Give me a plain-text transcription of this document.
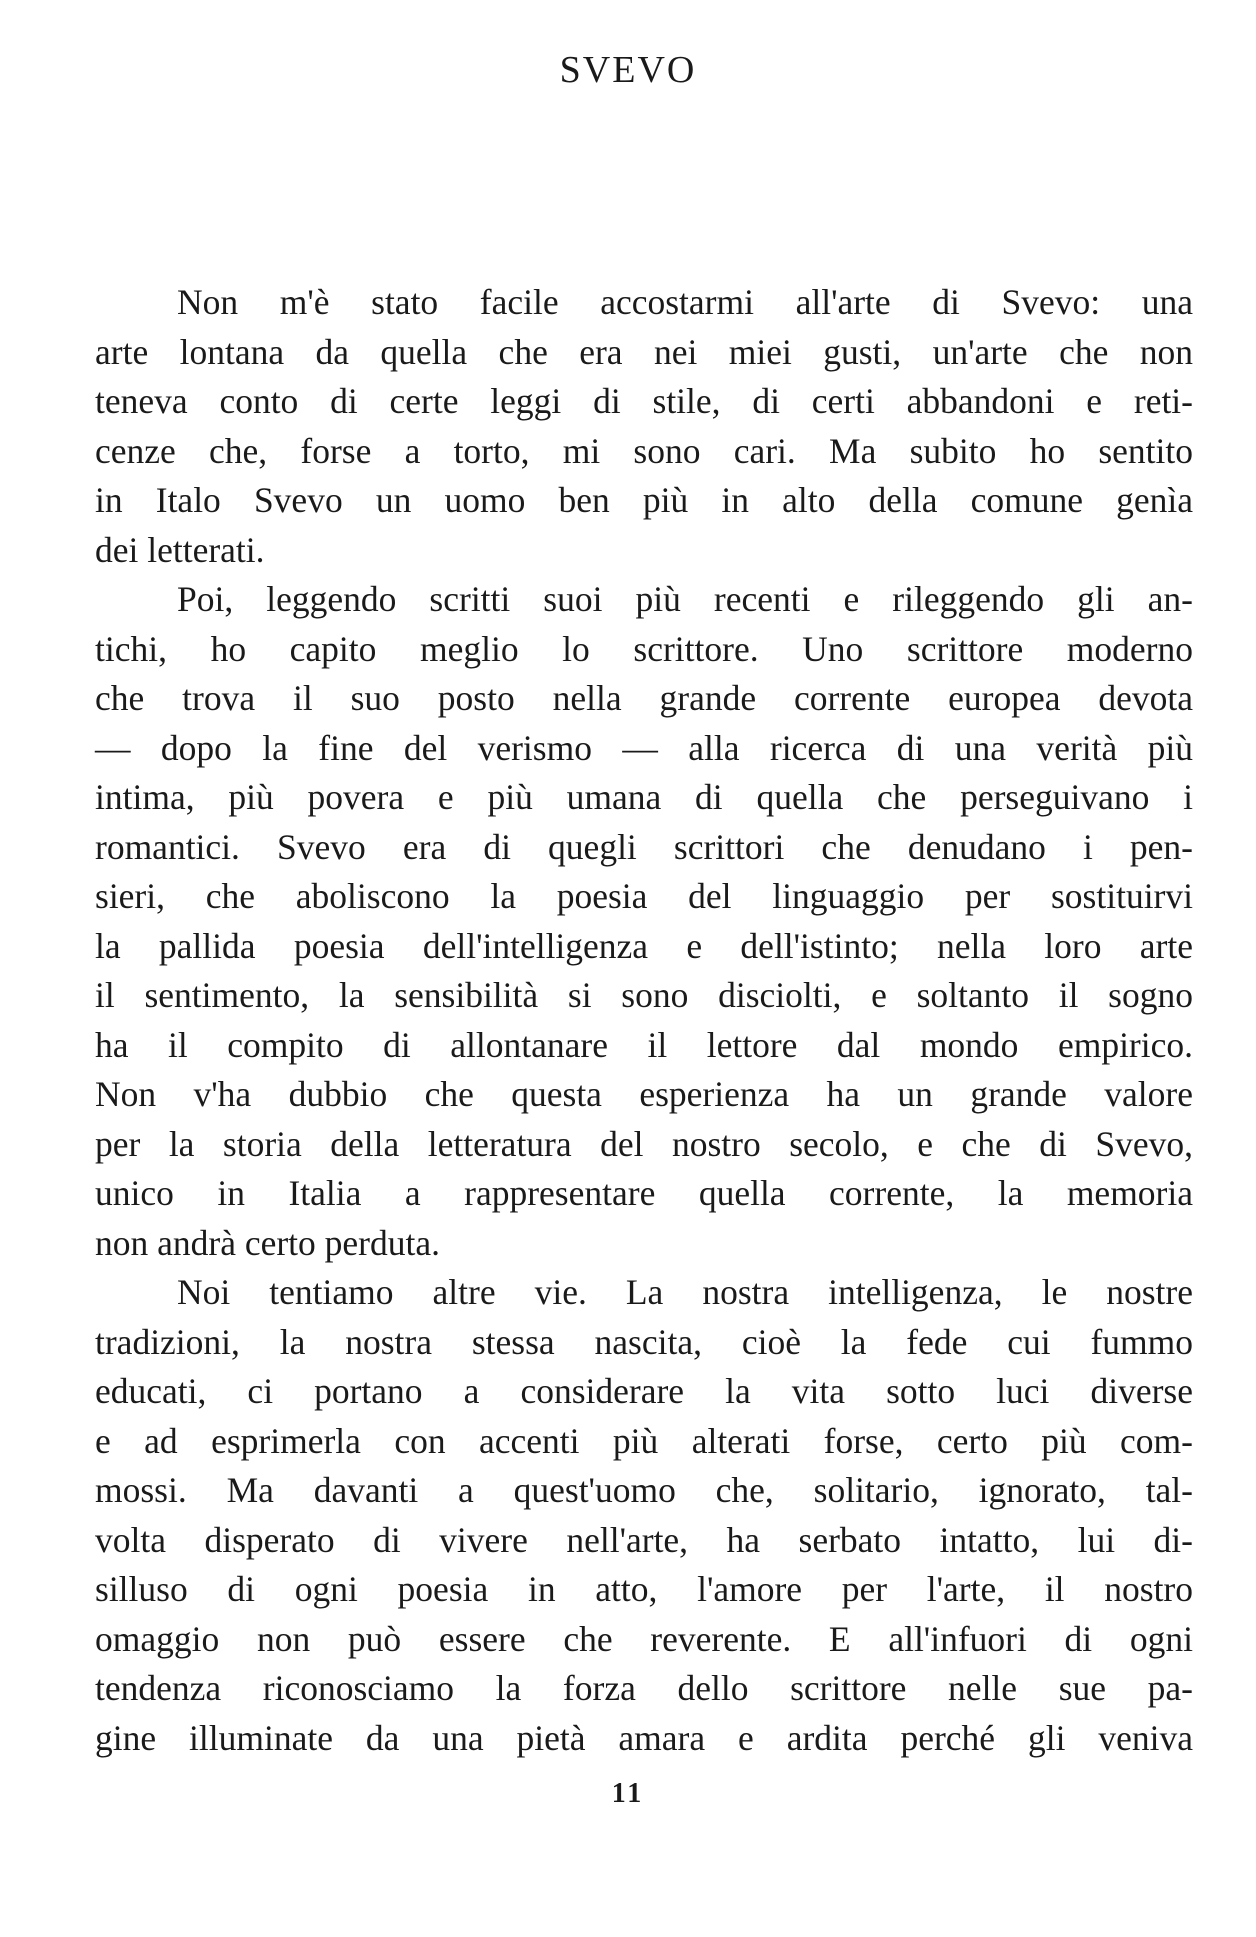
SVEVO
Non m'è stato facile accostarmi all'arte di Svevo: una
arte lontana da quella che era nei miei gusti, un'arte che non
teneva conto di certe leggi di stile, di certi abbandoni e reti-
cenze che, forse a torto, mi sono cari. Ma subito ho sentito
in Italo Svevo un uomo ben più in alto della comune genìa
dei letterati.
Poi, leggendo scritti suoi più recenti e rileggendo gli an-
tichi, ho capito meglio lo scrittore. Uno scrittore moderno
che trova il suo posto nella grande corrente europea devota
— dopo la fine del verismo — alla ricerca di una verità più
intima, più povera e più umana di quella che perseguivano i
romantici. Svevo era di quegli scrittori che denudano i pen-
sieri, che aboliscono la poesia del linguaggio per sostituirvi
la pallida poesia dell'intelligenza e dell'istinto; nella loro arte
il sentimento, la sensibilità si sono disciolti, e soltanto il sogno
ha il compito di allontanare il lettore dal mondo empirico.
Non v'ha dubbio che questa esperienza ha un grande valore
per la storia della letteratura del nostro secolo, e che di Svevo,
unico in Italia a rappresentare quella corrente, la memoria
non andrà certo perduta.
Noi tentiamo altre vie. La nostra intelligenza, le nostre
tradizioni, la nostra stessa nascita, cioè la fede cui fummo
educati, ci portano a considerare la vita sotto luci diverse
e ad esprimerla con accenti più alterati forse, certo più com-
mossi. Ma davanti a quest'uomo che, solitario, ignorato, tal-
volta disperato di vivere nell'arte, ha serbato intatto, lui di-
silluso di ogni poesia in atto, l'amore per l'arte, il nostro
omaggio non può essere che reverente. E all'infuori di ogni
tendenza riconosciamo la forza dello scrittore nelle sue pa-
gine illuminate da una pietà amara e ardita perché gli veniva
11
